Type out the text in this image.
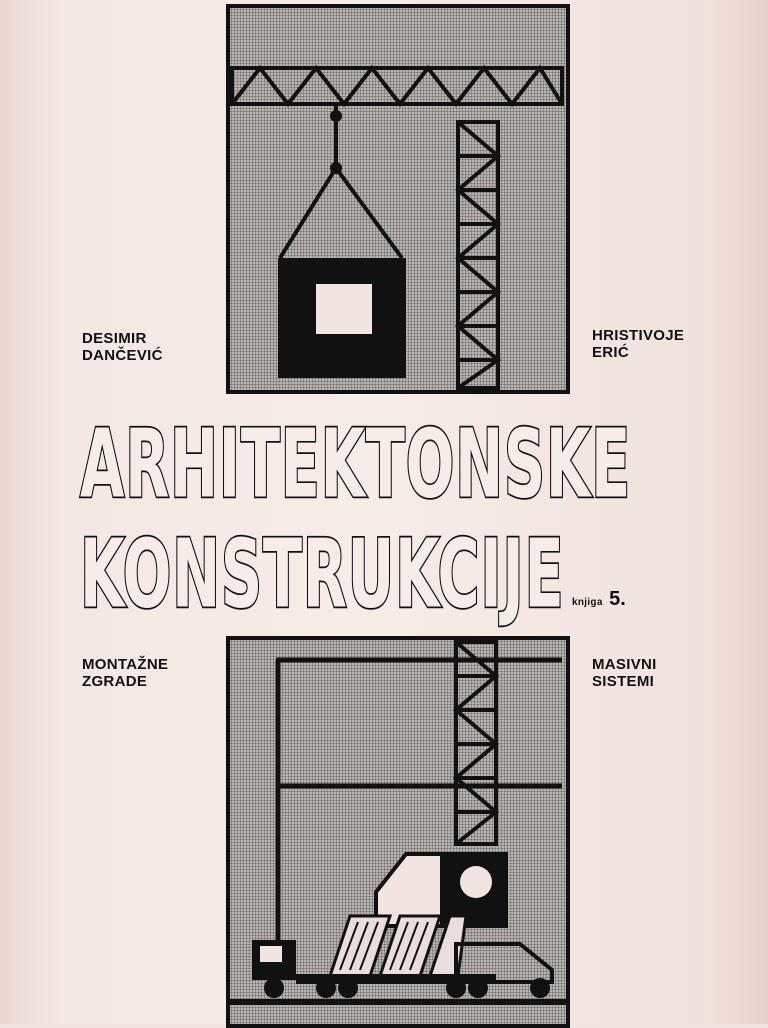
DESIMIR
DANČEVIĆ
HRISTIVOJE
ERIĆ
ARHITEKTONSKE
KONSTRUKCIJE knjiga 5.
MONTAŽNE
ZGRADE
MASIVNI
SISTEMI
